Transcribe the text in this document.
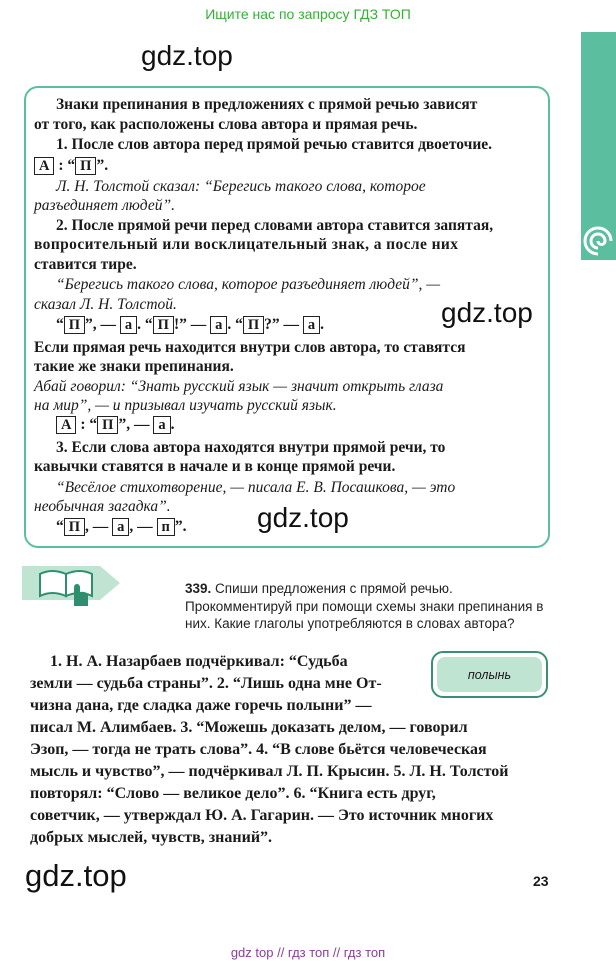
Ищите нас по запросу ГДЗ ТОП
gdz.top
gdz.top
gdz.top
gdz.top
Знаки препинания в предложениях с прямой речью зависят
от того, как расположены слова автора и прямая речь.
1. После слов автора перед прямой речью ставится двоеточие.
А : “ П ”.
Л. Н. Толстой сказал: “Берегись такого слова, которое
разъединяет людей”.
2. После прямой речи перед словами автора ставится запятая,
вопросительный или восклицательный знак, а после них
ставится тире.
“Берегись такого слова, которое разъединяет людей”, —
сказал Л. Н. Толстой.
“ П ”, — а . “ П !” — а . “ П ?” — а .
Если прямая речь находится внутри слов автора, то ставятся
такие же знаки препинания.
Абай говорил: “Знать русский язык — значит открыть глаза
на мир”, — и призывал изучать русский язык.
А : “ П ”, — а .
3. Если слова автора находятся внутри прямой речи, то
кавычки ставятся в начале и в конце прямой речи.
“Весёлое стихотворение, — писала Е. В. Посашкова, — это
необычная загадка”.
“ П , — а , — п ”.
339. Спиши предложения с прямой речью. Прокомментируй при помощи схемы знаки препинания в них. Какие глаголы употребляются в словах автора?
полынь
1. Н. А. Назарбаев подчёркивал: “Судьба
земли — судьба страны”. 2. “Лишь одна мне От-
чизна дана, где сладка даже горечь полыни” —
писал М. Алимбаев. 3. “Можешь доказать делом, — говорил
Эзоп, — тогда не трать слова”. 4. “В слове бьётся человеческая
мысль и чувство”, — подчёркивал Л. П. Крысин. 5. Л. Н. Толстой
повторял: “Слово — великое дело”. 6. “Книга есть друг,
советчик, — утверждал Ю. А. Гагарин. — Это источник многих
добрых мыслей, чувств, знаний”.
23
gdz top // гдз топ // гдз топ
